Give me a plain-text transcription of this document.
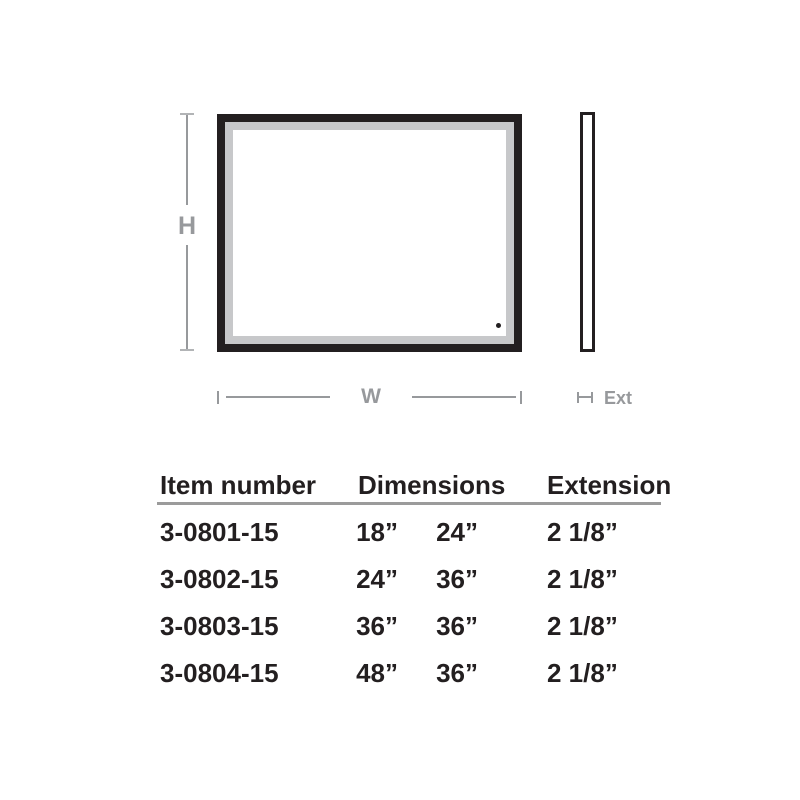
H
W	Ext
Item number Dimensions Extension
3-0801-15	18”	24”	2 1/8”
3-0802-15	24”	36”	2 1/8”
3-0803-15	36”	36”	2 1/8”
3-0804-15	48”	36”	2 1/8”
